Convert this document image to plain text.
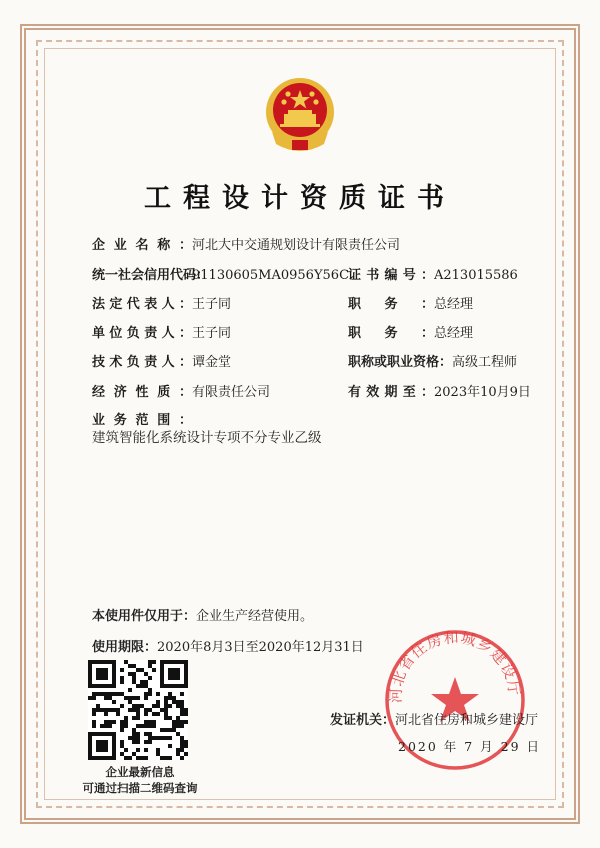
工程设计资质证书
企业名称：河北大中交通规划设计有限责任公司
统一社会信用代码：91130605MA0956Y56C
证书编号：A213015586
法定代表人：王子同	职务：总经理
单位负责人：王子同	职务：总经理
技术负责人：谭金堂	职称或职业资格：高级工程师
经济性质：有限责任公司	有效期至：2023年10月9日
业务范围：
建筑智能化系统设计专项不分专业乙级
本使用件仅用于：企业生产经营使用。
使用期限：2020年8月3日至2020年12月31日
企业最新信息
可通过扫描二维码查询
河北省住房和城乡建设厅
发证机关：河北省住房和城乡建设厅
2020 年 7 月 29 日
